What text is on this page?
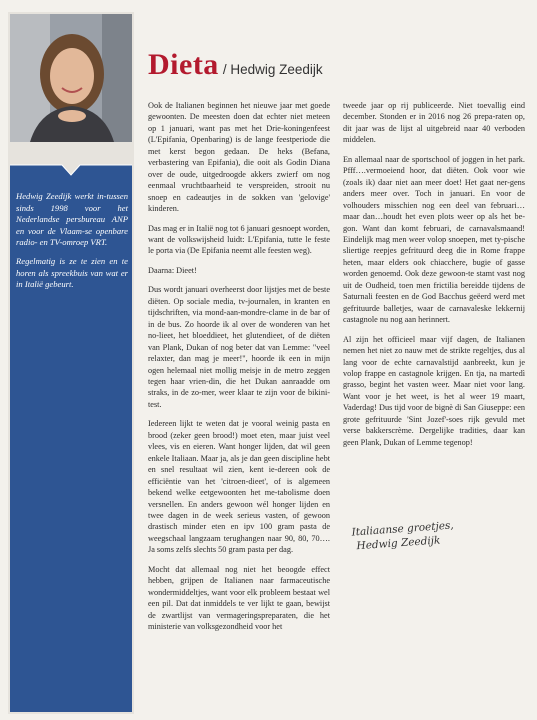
Hedwig Zeedijk werkt in-tussen sinds 1998 voor het Nederlandse persbureau ANP en voor de Vlaam-se openbare radio- en TV-omroep VRT.

Regelmatig is ze te zien en te horen als spreekbuis van wat er in Italië gebeurt.

Dieta / Hedwig Zeedijk

Ook de Italianen beginnen het nieuwe jaar met goede gewoonten. De meesten doen dat echter niet meteen op 1 januari, want pas met het Drie-koningenfeest (L'Epifania, Openbaring) is de lange feestperiode die met kerst begon gedaan. De heks (Befana, verbastering van Epifania), die ooit als Godin Diana over de oude, uitgedroogde akkers zwierf om nog eenmaal vruchtbaarheid te verspreiden, strooit nu snoep en cadeautjes in de sokken van 'gelovige' kinderen.

Das mag er in Italië nog tot 6 januari gesnoept worden, want de volkswijsheid luidt: L'Epifania, tutte le feste le porta via (De Epifania neemt alle feesten weg).

Daarna: Dieet!

Dus wordt januari overheerst door lijstjes met de beste diëten. Op sociale media, tv-journalen, in kranten en tijdschriften, via mond-aan-mondre-clame in de bar of in de bus. Zo hoorde ik al over de wonderen van het no-lieet, het bloeddieet, het glutendieet, of de diëten van Plank, Dukan of nog beter dat van Lemme: "veel relaxter, dan mag je meer!", hoorde ik een in mijn ogen helemaal niet mollig meisje in de metro zeggen tegen haar vrien-din, die het Dukan aanraadde om straks, in de zo-mer, weer klaar te zijn voor de bikini-test.

Iedereen lijkt te weten dat je vooral weinig pasta en brood (zeker geen brood!) moet eten, maar juist veel vlees, vis en eieren. Want honger lijden, dat wil geen enkele Italiaan. Maar ja, als je dan geen discipline hebt en snel resultaat wil zien, kent ie-dereen ook de efficiëntie van het 'citroen-dieet', of is algemeen bekend welke eetgewoonten het me-tabolisme doen versnellen. En anders gewoon wél honger lijden en twee dagen in de week serieus vasten, of gewoon drastisch minder eten en ipv 100 gram pasta de weegschaal langzaam terughangen naar 90, 80, 70…. Ja soms zelfs slechts 50 gram pasta per dag.

Mocht dat allemaal nog niet het beoogde effect hebben, grijpen de Italianen naar farmaceutische wondermiddeltjes, want voor elk probleem bestaat wel een pil. Dat dat inmiddels te ver lijkt te gaan, bewijst de zwartlijst van vermageringspreparaten, die het ministerie van volksgezondheid voor het

tweede jaar op rij publiceerde. Niet toevallig eind december. Stonden er in 2016 nog 26 prepa-raten op, dit jaar was de lijst al uitgebreid naar 40 verboden middelen.

En allemaal naar de sportschool of joggen in het park. Pfff….vermoeiend hoor, dat diëten. Ook voor wie (zoals ik) daar niet aan meer doet! Het gaat ner-gens anders meer over. Toch in januari. En voor de volhouders misschien nog een deel van februari… maar dan…houdt het even plots weer op als het be-gon. Want dan komt februari, de carnavalsmaand! Eindelijk mag men weer volop snoepen, met ty-pische sliertige reepjes gefrituurd deeg die in Rome frappe heten, maar elders ook chiacchere, bugie of gasse worden genoemd. Ook deze gewoon-te stamt vast nog uit de Oudheid, toen men frictilia bereidde tijdens de Saturnali feesten en de God Bacchus geëerd werd met gefrituurde balletjes, waar de carnavaleske lekkernij castagnole nu nog aan herinnert.

Al zijn het officieel maar vijf dagen, de Italianen nemen het niet zo nauw met de strikte regeltjes, dus al lang voor de echte carnavalstijd aanbreekt, kun je volop frappe en castagnole krijgen. En tja, na martedì grasso, begint het vasten weer. Maar niet voor lang. Want voor je het weet, is het al weer 19 maart, Vaderdag! Dus tijd voor de bignè di San Giuseppe: een grote gefrituurde 'Sint Jozef'-soes rijk gevuld met verse bakkerscrème. Dergelijke tradities, daar kan geen Plank, Dukan of Lemme tegenop!

Italiaanse groetjes,
Hedwig Zeedijk
